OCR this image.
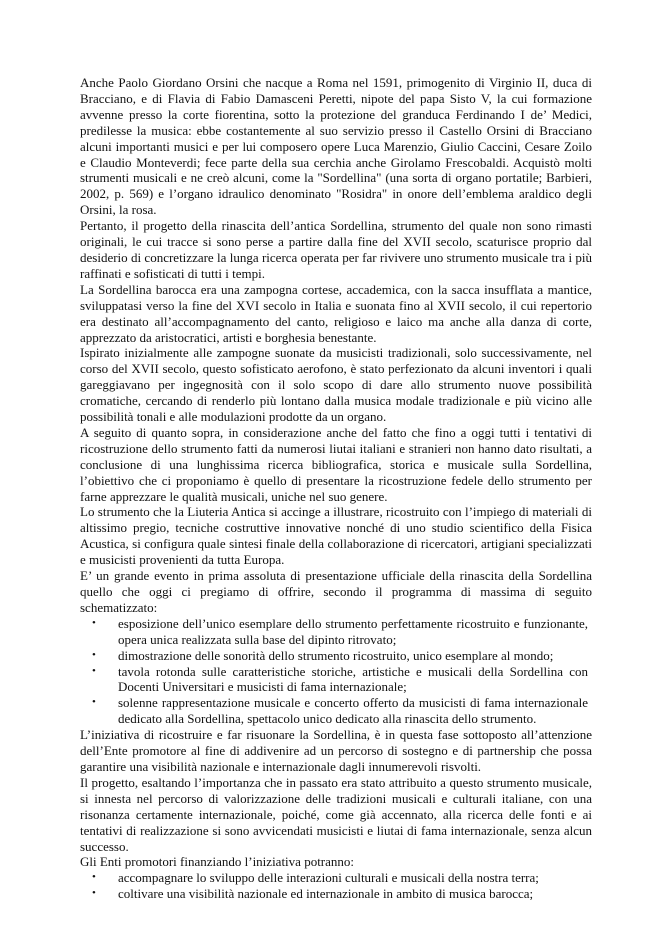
Anche Paolo Giordano Orsini che nacque a Roma nel 1591, primogenito di Virginio II, duca di Bracciano, e di Flavia di Fabio Damasceni Peretti, nipote del papa Sisto V, la cui formazione avvenne presso la corte fiorentina, sotto la protezione del granduca Ferdinando I de’ Medici, predilesse la musica: ebbe costantemente al suo servizio presso il Castello Orsini di Bracciano alcuni importanti musici e per lui composero opere Luca Marenzio, Giulio Caccini, Cesare Zoilo e Claudio Monteverdi; fece parte della sua cerchia anche Girolamo Frescobaldi. Acquistò molti strumenti musicali e ne creò alcuni, come la "Sordellina" (una sorta di organo portatile; Barbieri, 2002, p. 569) e l’organo idraulico denominato "Rosidra" in onore dell’emblema araldico degli Orsini, la rosa.

Pertanto, il progetto della rinascita dell’antica Sordellina, strumento del quale non sono rimasti originali, le cui tracce si sono perse a partire dalla fine del XVII secolo, scaturisce proprio dal desiderio di concretizzare la lunga ricerca operata per far rivivere uno strumento musicale tra i più raffinati e sofisticati di tutti i tempi.

La Sordellina barocca era una zampogna cortese, accademica, con la sacca insufflata a mantice, sviluppatasi verso la fine del XVI secolo in Italia e suonata fino al XVII secolo, il cui repertorio era destinato all’accompagnamento del canto, religioso e laico ma anche alla danza di corte, apprezzato da aristocratici, artisti e borghesia benestante.

Ispirato inizialmente alle zampogne suonate da musicisti tradizionali, solo successivamente, nel corso del XVII secolo, questo sofisticato aerofono, è stato perfezionato da alcuni inventori i quali gareggiavano per ingegnosità con il solo scopo di dare allo strumento nuove possibilità cromatiche, cercando di renderlo più lontano dalla musica modale tradizionale e più vicino alle possibilità tonali e alle modulazioni prodotte da un organo.

A seguito di quanto sopra, in considerazione anche del fatto che fino a oggi tutti i tentativi di ricostruzione dello strumento fatti da numerosi liutai italiani e stranieri non hanno dato risultati, a conclusione di una lunghissima ricerca bibliografica, storica e musicale sulla Sordellina, l’obiettivo che ci proponiamo è quello di presentare la ricostruzione fedele dello strumento per farne apprezzare le qualità musicali, uniche nel suo genere.

Lo strumento che la Liuteria Antica si accinge a illustrare, ricostruito con l’impiego di materiali di altissimo pregio, tecniche costruttive innovative nonché di uno studio scientifico della Fisica Acustica, si configura quale sintesi finale della collaborazione di ricercatori, artigiani specializzati e musicisti provenienti da tutta Europa.

E’ un grande evento in prima assoluta di presentazione ufficiale della rinascita della Sordellina quello che oggi ci pregiamo di offrire, secondo il programma di massima di seguito schematizzato:

• esposizione dell’unico esemplare dello strumento perfettamente ricostruito e funzionante, opera unica realizzata sulla base del dipinto ritrovato;
• dimostrazione delle sonorità dello strumento ricostruito, unico esemplare al mondo;
• tavola rotonda sulle caratteristiche storiche, artistiche e musicali della Sordellina con Docenti Universitari e musicisti di fama internazionale;
• solenne rappresentazione musicale e concerto offerto da musicisti di fama internazionale dedicato alla Sordellina, spettacolo unico dedicato alla rinascita dello strumento.

L’iniziativa di ricostruire e far risuonare la Sordellina, è in questa fase sottoposto all’attenzione dell’Ente promotore al fine di addivenire ad un percorso di sostegno e di partnership che possa garantire una visibilità nazionale e internazionale dagli innumerevoli risvolti.

Il progetto, esaltando l’importanza che in passato era stato attribuito a questo strumento musicale, si innesta nel percorso di valorizzazione delle tradizioni musicali e culturali italiane, con una risonanza certamente internazionale, poiché, come già accennato, alla ricerca delle fonti e ai tentativi di realizzazione si sono avvicendati musicisti e liutai di fama internazionale, senza alcun successo.

Gli Enti promotori finanziando l’iniziativa potranno:

• accompagnare lo sviluppo delle interazioni culturali e musicali della nostra terra;
• coltivare una visibilità nazionale ed internazionale in ambito di musica barocca;
